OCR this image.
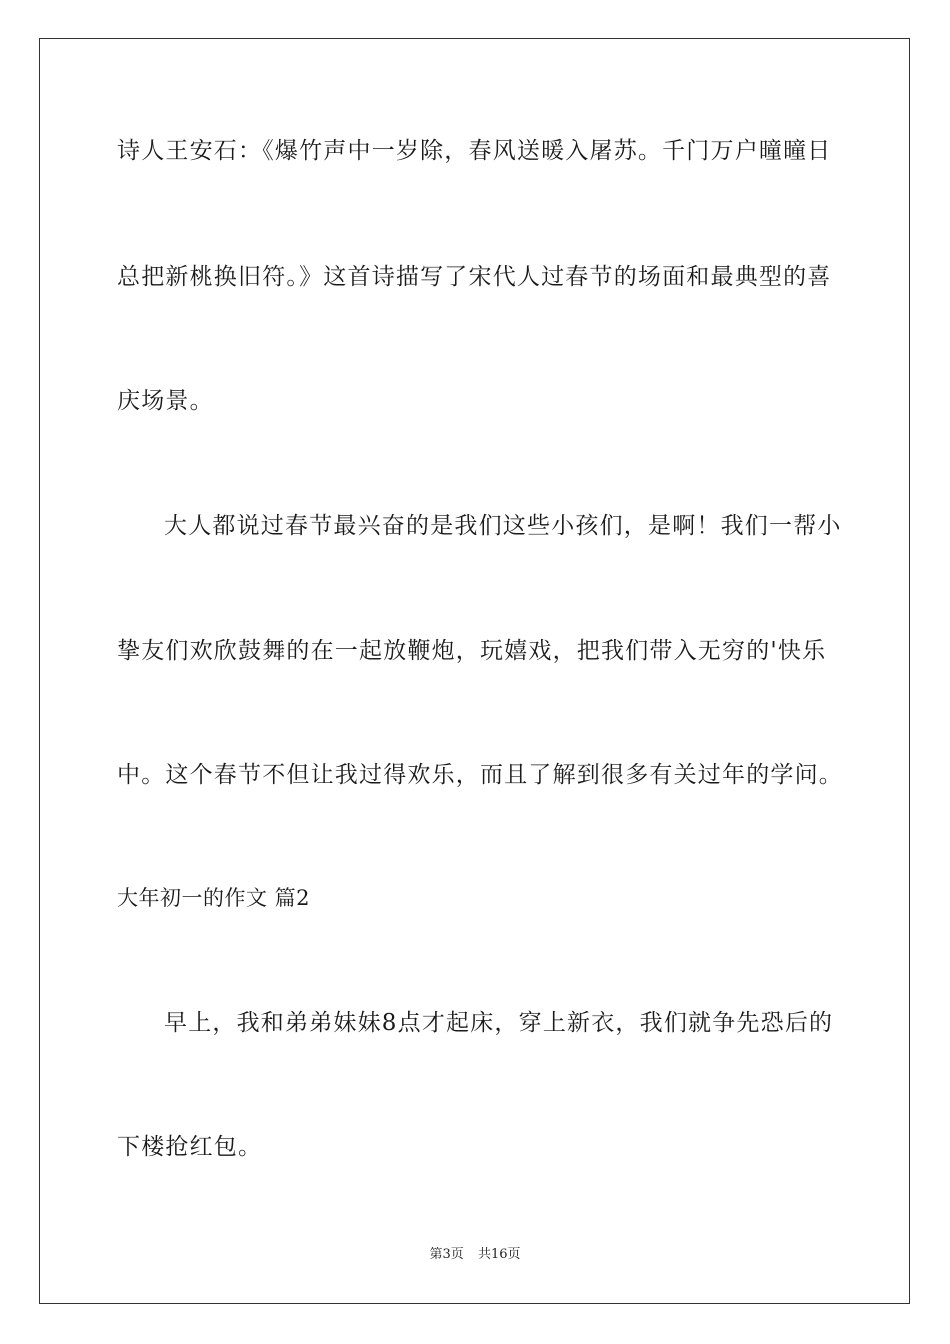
诗人王安石：《爆竹声中一岁除，春风送暖入屠苏。千门万户曈曈日
总把新桃换旧符。》这首诗描写了宋代人过春节的场面和最典型的喜
庆场景。
大人都说过春节最兴奋的是我们这些小孩们，是啊！我们一帮小
挚友们欢欣鼓舞的在一起放鞭炮，玩嬉戏，把我们带入无穷的'快乐
中。这个春节不但让我过得欢乐，而且了解到很多有关过年的学问。
大年初一的作文 篇2
早上，我和弟弟妹妹8点才起床，穿上新衣，我们就争先恐后的
下楼抢红包。
第3页 共16页
